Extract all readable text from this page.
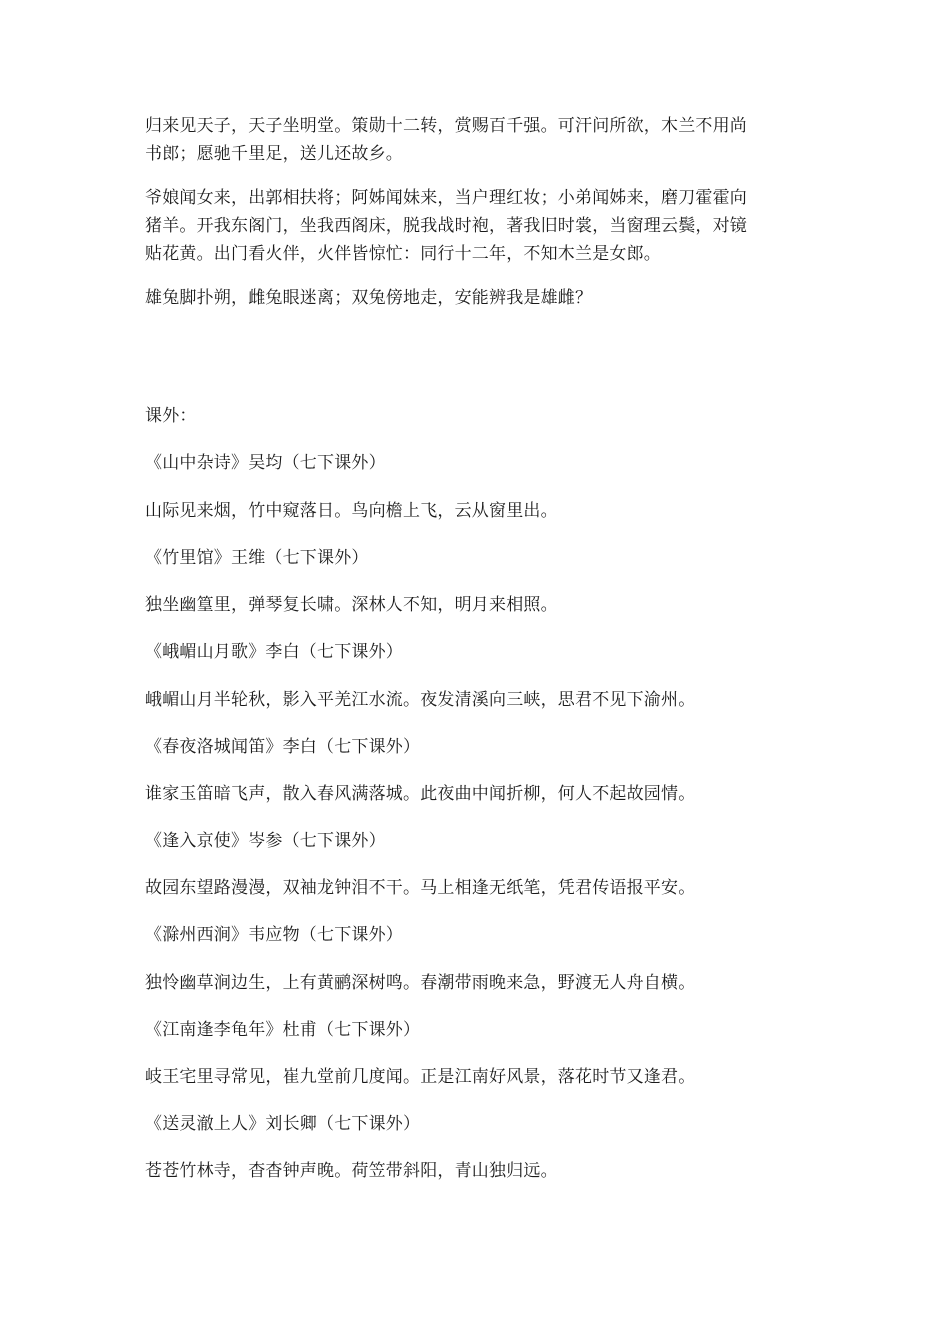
归来见天子，天子坐明堂。策勋十二转，赏赐百千强。可汗问所欲，木兰不用尚
书郎；愿驰千里足，送儿还故乡。
爷娘闻女来，出郭相扶将；阿姊闻妹来，当户理红妆；小弟闻姊来，磨刀霍霍向
猪羊。开我东阁门，坐我西阁床，脱我战时袍，著我旧时裳，当窗理云鬓，对镜
贴花黄。出门看火伴，火伴皆惊忙：同行十二年，不知木兰是女郎。
雄兔脚扑朔，雌兔眼迷离；双兔傍地走，安能辨我是雄雌？
课外：
《山中杂诗》吴均（七下课外）
山际见来烟，竹中窥落日。鸟向檐上飞，云从窗里出。
《竹里馆》王维（七下课外）
独坐幽篁里，弹琴复长啸。深林人不知，明月来相照。
《峨嵋山月歌》李白（七下课外）
峨嵋山月半轮秋，影入平羌江水流。夜发清溪向三峡，思君不见下渝州。
《春夜洛城闻笛》李白（七下课外）
谁家玉笛暗飞声，散入春风满落城。此夜曲中闻折柳，何人不起故园情。
《逢入京使》岑参（七下课外）
故园东望路漫漫，双袖龙钟泪不干。马上相逢无纸笔，凭君传语报平安。
《滁州西涧》韦应物（七下课外）
独怜幽草涧边生，上有黄鹂深树鸣。春潮带雨晚来急，野渡无人舟自横。
《江南逢李龟年》杜甫（七下课外）
岐王宅里寻常见，崔九堂前几度闻。正是江南好风景，落花时节又逢君。
《送灵澈上人》刘长卿（七下课外）
苍苍竹林寺，杳杳钟声晚。荷笠带斜阳，青山独归远。
